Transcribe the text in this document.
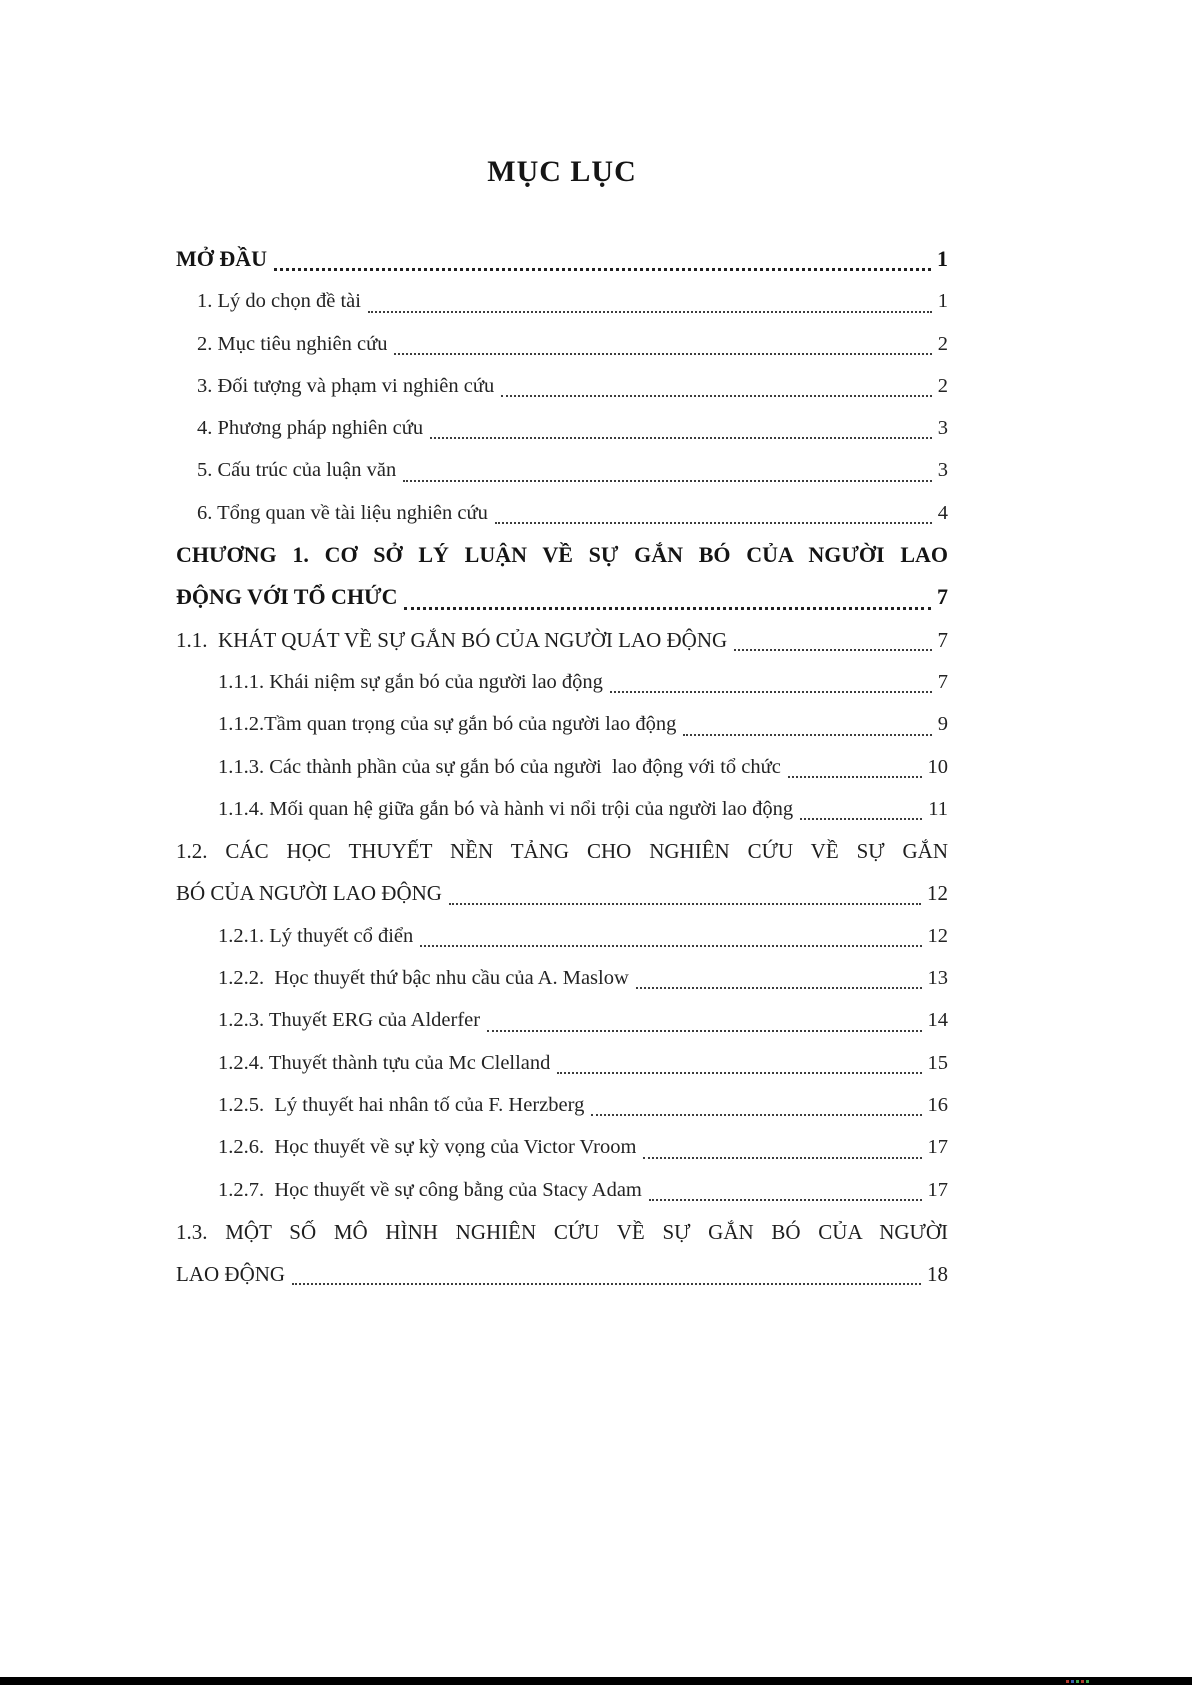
MỤC LỤC
MỞ ĐẦU	1
1. Lý do chọn đề tài	1
2. Mục tiêu nghiên cứu	2
3. Đối tượng và phạm vi nghiên cứu	2
4. Phương pháp nghiên cứu	3
5. Cấu trúc của luận văn	3
6. Tổng quan về tài liệu nghiên cứu	4
CHƯƠNG 1. CƠ SỞ LÝ LUẬN VỀ SỰ GẮN BÓ CỦA NGƯỜI LAO
ĐỘNG VỚI TỔ CHỨC	7
1.1.  KHÁT QUÁT VỀ SỰ GẮN BÓ CỦA NGƯỜI LAO ĐỘNG	7
1.1.1. Khái niệm sự gắn bó của người lao động	7
1.1.2.Tầm quan trọng của sự gắn bó của người lao động	9
1.1.3. Các thành phần của sự gắn bó của người  lao động với tổ chức	10
1.1.4. Mối quan hệ giữa gắn bó và hành vi nổi trội của người lao động	11
1.2. CÁC HỌC THUYẾT NỀN TẢNG CHO NGHIÊN CỨU VỀ SỰ GẮN
BÓ CỦA NGƯỜI LAO ĐỘNG	12
1.2.1. Lý thuyết cổ điển	12
1.2.2.  Học thuyết thứ bậc nhu cầu của A. Maslow	13
1.2.3. Thuyết ERG của Alderfer	14
1.2.4. Thuyết thành tựu của Mc Clelland	15
1.2.5.  Lý thuyết hai nhân tố của F. Herzberg	16
1.2.6.  Học thuyết về sự kỳ vọng của Victor Vroom	17
1.2.7.  Học thuyết về sự công bằng của Stacy Adam	17
1.3. MỘT SỐ MÔ HÌNH NGHIÊN CỨU VỀ SỰ GẮN BÓ CỦA NGƯỜI
LAO ĐỘNG	18
